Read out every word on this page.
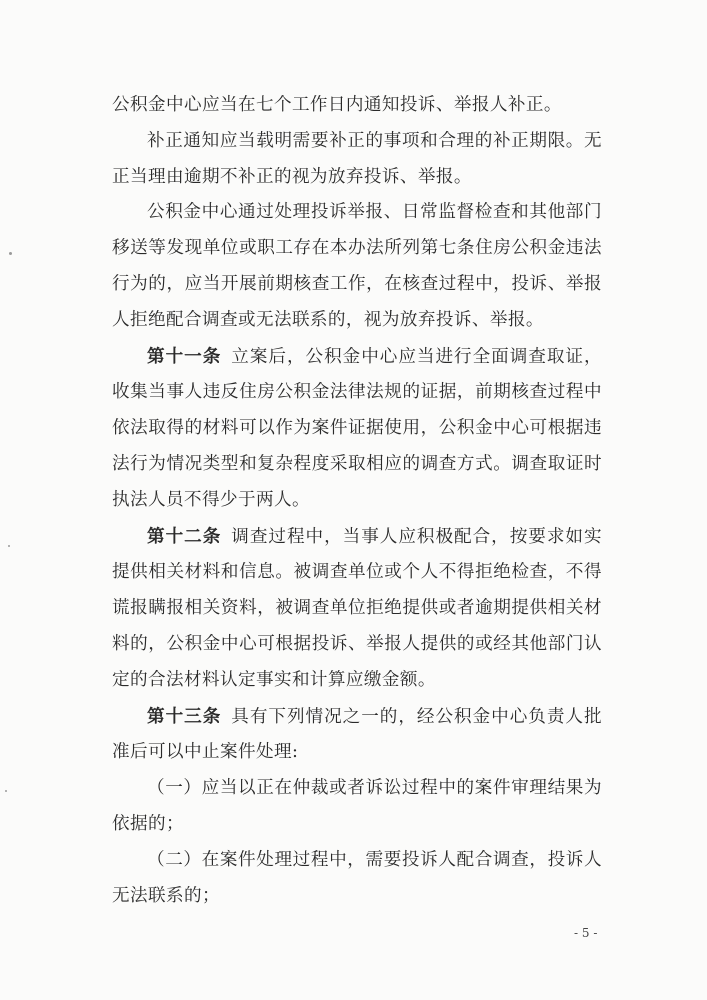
公积金中心应当在七个工作日内通知投诉、举报人补正。

补正通知应当载明需要补正的事项和合理的补正期限。无正当理由逾期不补正的视为放弃投诉、举报。

公积金中心通过处理投诉举报、日常监督检查和其他部门移送等发现单位或职工存在本办法所列第七条住房公积金违法行为的，应当开展前期核查工作，在核查过程中，投诉、举报人拒绝配合调查或无法联系的，视为放弃投诉、举报。

第十一条 立案后，公积金中心应当进行全面调查取证，收集当事人违反住房公积金法律法规的证据，前期核查过程中依法取得的材料可以作为案件证据使用，公积金中心可根据违法行为情况类型和复杂程度采取相应的调查方式。调查取证时执法人员不得少于两人。

第十二条 调查过程中，当事人应积极配合，按要求如实提供相关材料和信息。被调查单位或个人不得拒绝检查，不得谎报瞒报相关资料，被调查单位拒绝提供或者逾期提供相关材料的，公积金中心可根据投诉、举报人提供的或经其他部门认定的合法材料认定事实和计算应缴金额。

第十三条 具有下列情况之一的，经公积金中心负责人批准后可以中止案件处理:

（一）应当以正在仲裁或者诉讼过程中的案件审理结果为依据的；

（二）在案件处理过程中，需要投诉人配合调查，投诉人无法联系的；

- 5 -
